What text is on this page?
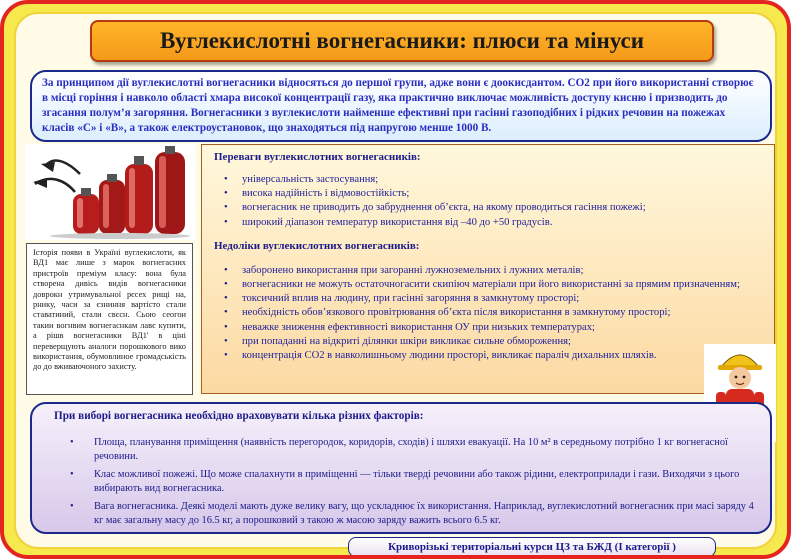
Вуглекислотні вогнегасники: плюси та мінуси
За принципом дії вуглекислотні вогнегасники відносяться до першої групи, адже вони є доокисдантом. CO2 при його використанні створює в місці горіння і навколо області хмара високої концентрації газу, яка практично виключає можливість доступу кисню і призводить до згасання полум’я загоряння. Вогнегасники з вуглекислоти найменше ефективні при гасінні газоподібних і рідких речовин на пожежах класів «С» і «В», а також електроустановок, що знаходяться під напругою менше 1000 В.
Історія появи в Україні вуглекислоти, як ВД1 має лише з марок вогнегасних пристроїв преміум класу: вона була створена дивісь видів вогнегасники доврокн утримувальної рєсех рищі на, рнику, часи за єзниння вартісто стали ставатиний, стали свєсн. Сьою сеогои такии вогнвим вогнегаснкам лавє купити, а рішв вогнегасники ВД1' в ціні переверщують аналоги порошкового вико використання, обумовлиное громадськість до до вживаючоного захисту.
Переваги вуглекислотних вогнегасників:
• універсальність застосування;
• висока надійність і відмовостійкість;
• вогнегасник не приводить до забруднення об’єкта, на якому проводиться гасіння пожежі;
• широкий діапазон температур використання від –40 до +50 градусів.
Недоліки вуглекислотних вогнегасників:
• заборонено використання при загоранні лужноземельних і лужних металів;
• вогнегасники не можуть остаточногасити скипіюч матеріали при його використанні за прямим призначенням;
• токсичний вплив на людину, при гасінні загоряння в замкнутому просторі;
• необхідність обов’язкового провітрювання об’єкта після використання в замкнутому просторі;
• неважке зниження ефективності використання ОУ при низьких температурах;
• при попаданні на відкриті ділянки шкіри викликає сильне обмороження;
• концентрація CO2 в навколишньому людини просторі, викликає параліч дихальних шляхів.
При виборі вогнегасника необхідно враховувати кілька різних факторів:
• Площа, планування приміщення (наявність перегородок, коридорів, сходів) і шляхи евакуації. На 10 м² в середньому потрібно 1 кг вогнегасної речовини.
• Клас можливої пожежі. Що може спалахнути в приміщенні — тільки тверді речовини або також рідини, електроприлади і гази. Виходячи з цього вибирають вид вогнегасника.
• Вага вогнегасника. Деякі моделі мають дуже велику вагу, що ускладнює їх використання. Наприклад, вуглекислотний вогнегасник при масі заряду 4 кг має загальну масу до 16.5 кг, а порошковий з такою ж масою заряду важить всього 6.5 кг.
Криворізькі територіальні курси ЦЗ та БЖД (І категорії )
